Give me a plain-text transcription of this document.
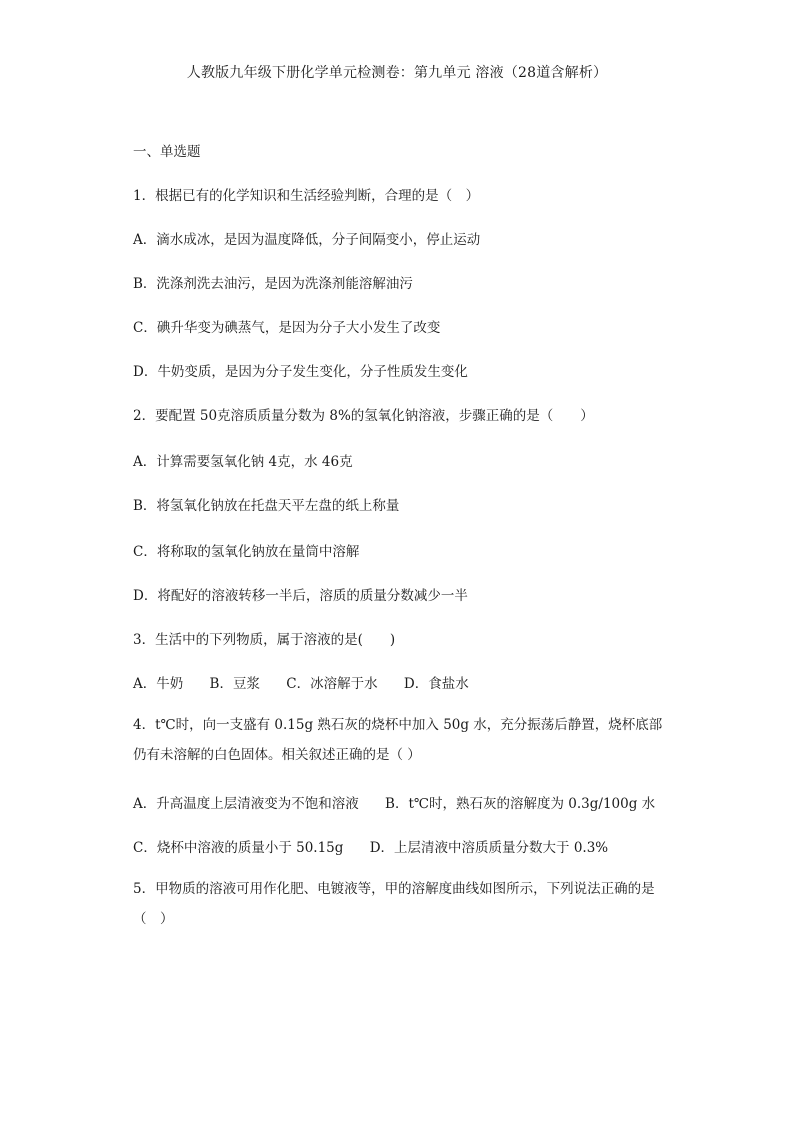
人教版九年级下册化学单元检测卷：第九单元 溶液（28道含解析）
一、单选题
1．根据已有的化学知识和生活经验判断，合理的是（　）
A．滴水成冰，是因为温度降低，分子间隔变小，停止运动
B．洗涤剂洗去油污，是因为洗涤剂能溶解油污
C．碘升华变为碘蒸气，是因为分子大小发生了改变
D．牛奶变质，是因为分子发生变化，分子性质发生变化
2．要配置 50克溶质质量分数为 8%的氢氧化钠溶液，步骤正确的是（　　）
A．计算需要氢氧化钠 4克，水 46克
B．将氢氧化钠放在托盘天平左盘的纸上称量
C．将称取的氢氧化钠放在量筒中溶解
D．将配好的溶液转移一半后，溶质的质量分数减少一半
3．生活中的下列物质，属于溶液的是(　　)
A．牛奶 B．豆浆 C．冰溶解于水 D．食盐水
4．t℃时，向一支盛有 0.15g 熟石灰的烧杯中加入 50g 水，充分振荡后静置，烧杯底部仍有未溶解的白色固体。相关叙述正确的是（ ）
A．升高温度上层清液变为不饱和溶液 B．t℃时，熟石灰的溶解度为 0.3g/100g 水
C．烧杯中溶液的质量小于 50.15g D．上层清液中溶质质量分数大于 0.3%
5．甲物质的溶液可用作化肥、电镀液等，甲的溶解度曲线如图所示，下列说法正确的是（　）
